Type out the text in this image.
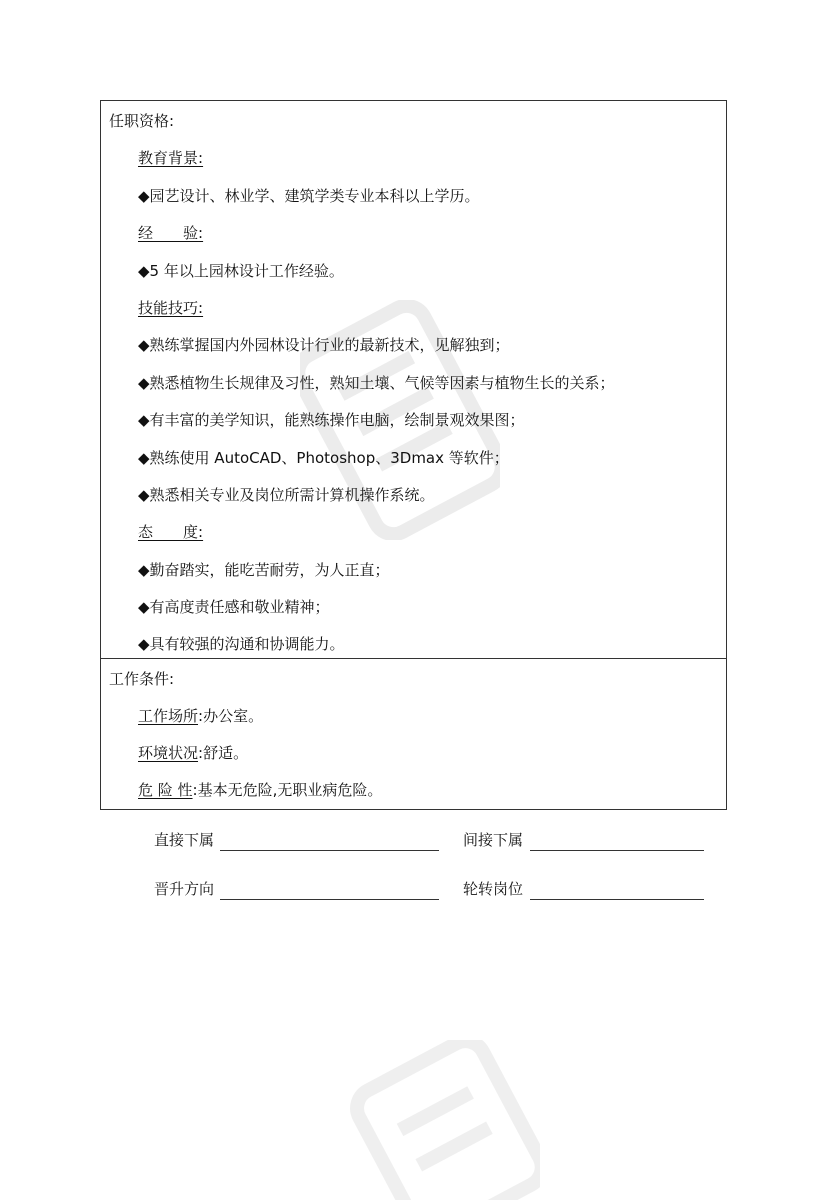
任职资格:
教育背景:
◆园艺设计、林业学、建筑学类专业本科以上学历。
经　　验:
◆5 年以上园林设计工作经验。
技能技巧:
◆熟练掌握国内外园林设计行业的最新技术，见解独到；
◆熟悉植物生长规律及习性，熟知土壤、气候等因素与植物生长的关系；
◆有丰富的美学知识，能熟练操作电脑，绘制景观效果图；
◆熟练使用 AutoCAD、Photoshop、3Dmax 等软件；
◆熟悉相关专业及岗位所需计算机操作系统。
态　　度:
◆勤奋踏实，能吃苦耐劳，为人正直；
◆有高度责任感和敬业精神；
◆具有较强的沟通和协调能力。
工作条件:
工作场所:办公室。
环境状况:舒适。
危 险 性:基本无危险,无职业病危险。
直接下属	间接下属
晋升方向	轮转岗位
